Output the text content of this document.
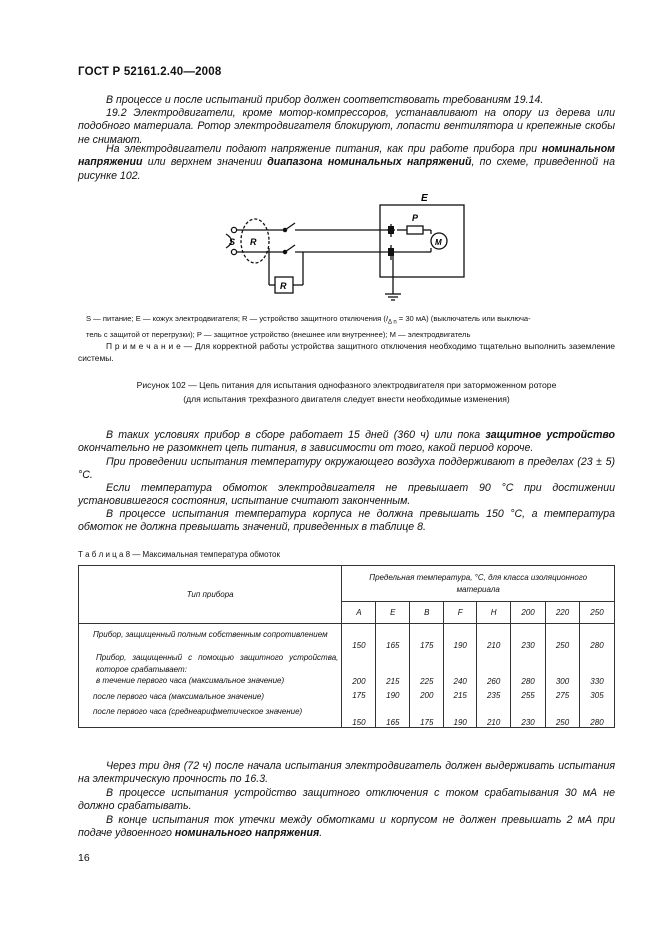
ГОСТ Р 52161.2.40—2008
В процессе и после испытаний прибор должен соответствовать требованиям 19.14.
19.2 Электродвигатели, кроме мотор-компрессоров, устанавливают на опору из дерева или подобного материала. Ротор электродвигателя блокируют, лопасти вентилятора и крепежные скобы не снимают.
На электродвигатели подают напряжение питания, как при работе прибора при номинальном напряжении или верхнем значении диапазона номинальных напряжений, по схеме, приведенной на рисунке 102.
E
P
S R
R
M
S — питание; E — кожух электродвигателя; R — устройство защитного отключения ($I_{\Delta n} = 30$ мА) (выключатель или выключа-
тель с защитой от перегрузки); P — защитное устройство (внешнее или внутреннее); M — электродвигатель
П р и м е ч а н и е — Для корректной работы устройства защитного отключения необходимо тщательно выполнить заземление системы.
Рисунок 102 — Цепь питания для испытания однофазного электродвигателя при заторможенном роторе
(для испытания трехфазного двигателя следует внести необходимые изменения)
В таких условиях прибор в сборе работает 15 дней (360 ч) или пока защитное устройство окончательно не разомкнет цепь питания, в зависимости от того, какой период короче.
При проведении испытания температуру окружающего воздуха поддерживают в пределах (23 ± 5) °С.
Если температура обмоток электродвигателя не превышает 90 °С при достижении установившегося состояния, испытание считают законченным.
В процессе испытания температура корпуса не должна превышать 150 °С, а температура обмоток не должна превышать значений, приведенных в таблице 8.
Т а б л и ц а 8 — Максимальная температура обмоток
Тип прибора	Предельная температура, °С, для класса изоляционного материала							
	A	E	B	F	H	200	220	250
Прибор, защищенный полным собственным сопротивлением	150	165	175	190	210	230	250	280

Прибор, защищенный с помощью защитного устройства, которое срабатывает:
в течение первого часа (максимальное значение)	200	215	225	240	260	280	300	330
после первого часа (максимальное значение)	175	190	200	215	235	255	275	305
после первого часа (среднеарифметическое значение)	150	165	175	190	210	230	250	280
Через три дня (72 ч) после начала испытания электродвигатель должен выдерживать испытания на электрическую прочность по 16.3.
В процессе испытания устройство защитного отключения с током срабатывания 30 мА не должно срабатывать.
В конце испытания ток утечки между обмотками и корпусом не должен превышать 2 мА при подаче удвоенного номинального напряжения.
16
